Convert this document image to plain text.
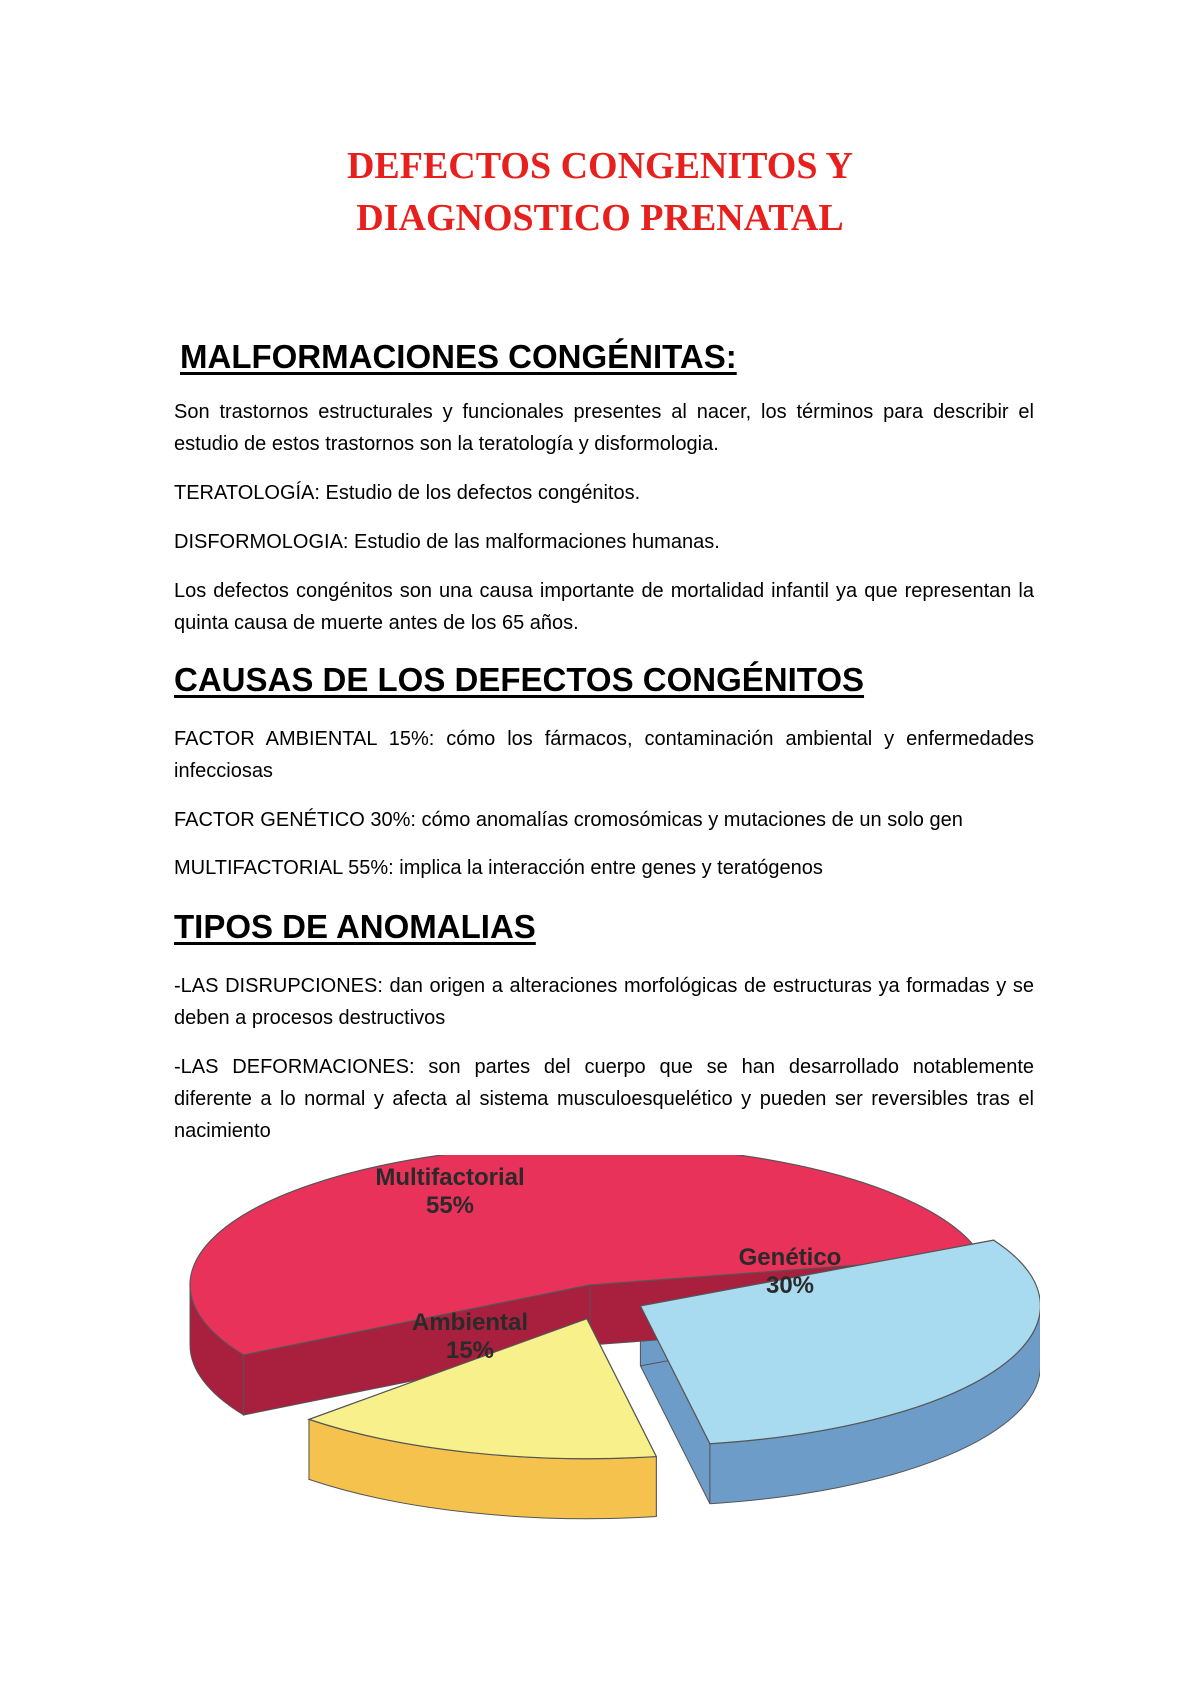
DEFECTOS CONGENITOS Y
DIAGNOSTICO PRENATAL
MALFORMACIONES CONGÉNITAS:

Son trastornos estructurales y funcionales presentes al nacer, los términos para describir el estudio de estos trastornos son la teratología y disformologia.

TERATOLOGÍA: Estudio de los defectos congénitos.

DISFORMOLOGIA: Estudio de las malformaciones humanas.

Los defectos congénitos son una causa importante de mortalidad infantil ya que representan la quinta causa de muerte antes de los 65 años.

CAUSAS DE LOS DEFECTOS CONGÉNITOS

FACTOR AMBIENTAL 15%: cómo los fármacos, contaminación ambiental y enfermedades infecciosas

FACTOR GENÉTICO 30%: cómo anomalías cromosómicas y mutaciones de un solo gen

MULTIFACTORIAL 55%: implica la interacción entre genes y teratógenos

TIPOS DE ANOMALIAS

-LAS DISRUPCIONES: dan origen a alteraciones morfológicas de estructuras ya formadas y se deben a procesos destructivos

-LAS DEFORMACIONES: son partes del cuerpo que se han desarrollado notablemente diferente a lo normal y afecta al sistema musculoesquelético y pueden ser reversibles tras el nacimiento

Multifactorial
55%
Genético
30%
Ambiental
15%
